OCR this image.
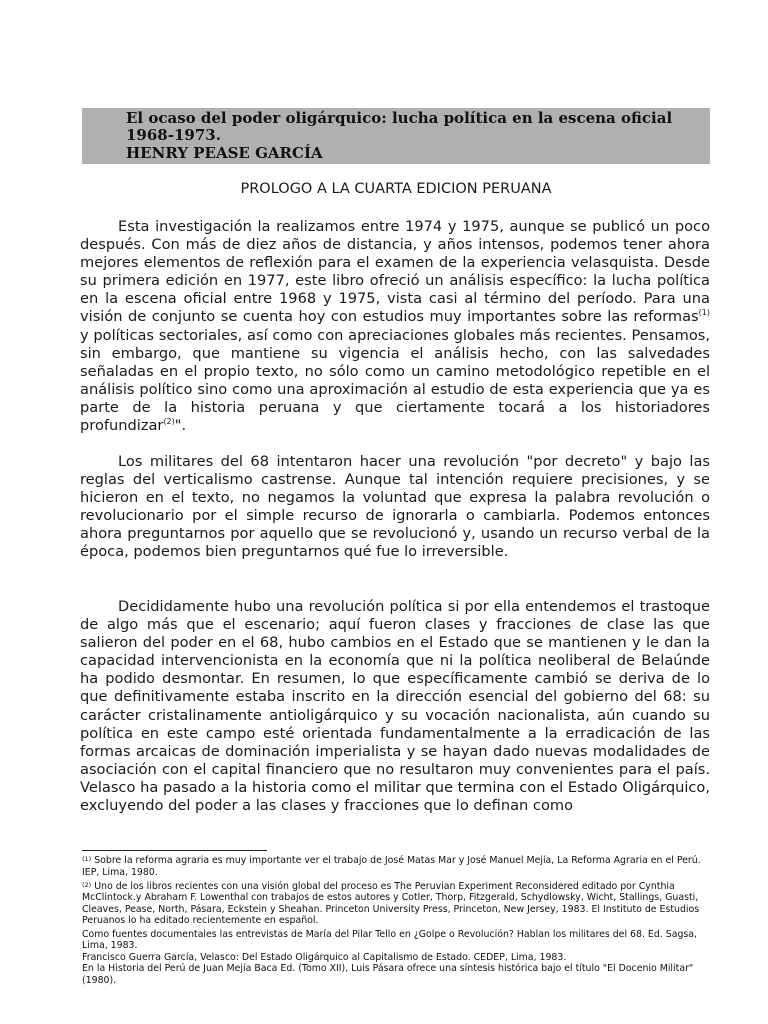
El ocaso del poder oligárquico: lucha política en la escena oficial
1968-1973.
HENRY PEASE GARCÍA
PROLOGO A LA CUARTA EDICION PERUANA

Esta investigación la realizamos entre 1974 y 1975, aunque se publicó un poco después. Con más de diez años de distancia, y años intensos, podemos tener ahora mejores elementos de reflexión para el examen de la experiencia velasquista. Desde su primera edición en 1977, este libro ofreció un análisis específico: la lucha política en la escena oficial entre 1968 y 1975, vista casi al término del período. Para una visión de conjunto se cuenta hoy con estudios muy importantes sobre las reformas$^{(1)}$ y políticas sectoriales, así como con apreciaciones globales más recientes. Pensamos, sin embargo, que mantiene su vigencia el análisis hecho, con las salvedades señaladas en el propio texto, no sólo como un camino metodológico repetible en el análisis político sino como una aproximación al estudio de esta experiencia que ya es parte de la historia peruana y que ciertamente tocará a los historiadores profundizar$^{(2)}$".

Los militares del 68 intentaron hacer una revolución "por decreto" y bajo las reglas del verticalismo castrense. Aunque tal intención requiere precisiones, y se hicieron en el texto, no negamos la voluntad que expresa la palabra revolución o revolucionario por el simple recurso de ignorarla o cambiarla. Podemos entonces ahora preguntarnos por aquello que se revolucionó y, usando un recurso verbal de la época, podemos bien preguntarnos qué fue lo irreversible.

Decididamente hubo una revolución política si por ella entendemos el trastoque de algo más que el escenario; aquí fueron clases y fracciones de clase las que salieron del poder en el 68, hubo cambios en el Estado que se mantienen y le dan la capacidad intervencionista en la economía que ni la política neoliberal de Belaúnde ha podido desmontar. En resumen, lo que específicamente cambió se deriva de lo que definitivamente estaba inscrito en la dirección esencial del gobierno del 68: su carácter cristalinamente antioligárquico y su vocación nacionalista, aún cuando su política en este campo esté orientada fundamentalmente a la erradicación de las formas arcaicas de dominación imperialista y se hayan dado nuevas modalidades de asociación con el capital financiero que no resultaron muy convenientes para el país. Velasco ha pasado a la historia como el militar que termina con el Estado Oligárquico, excluyendo del poder a las clases y fracciones que lo definan como

$^{(1)}$ Sobre la reforma agraria es muy importante ver el trabajo de José Matas Mar y José Manuel Mejía, La Reforma Agraria en el Perú. IEP, Lima, 1980.

$^{(2)}$ Uno de los libros recientes con una visión global del proceso es The Peruvian Experiment Reconsidered editado por Cynthia McClintock.y Abraham F. Lowenthal con trabajos de estos autores y Cotler, Thorp, Fitzgerald, Schydlowsky, Wicht, Stallings, Guasti, Cleaves, Pease, North, Pásara, Eckstein y Sheahan. Princeton University Press, Princeton, New Jersey, 1983. El Instituto de Estudios Peruanos lo ha editado recientemente en español.

Como fuentes documentales las entrevistas de María del Pilar Tello en ¿Golpe o Revolución? Hablan los militares del 68. Ed. Sagsa, Lima, 1983.

Francisco Guerra García, Velasco: Del Estado Oligárquico al Capitalismo de Estado. CEDEP, Lima, 1983.

En la Historia del Perú de Juan Mejía Baca Ed. (Tomo XII), Luis Pásara ofrece una síntesis histórica bajo el título "El Docenio Militar" (1980).
